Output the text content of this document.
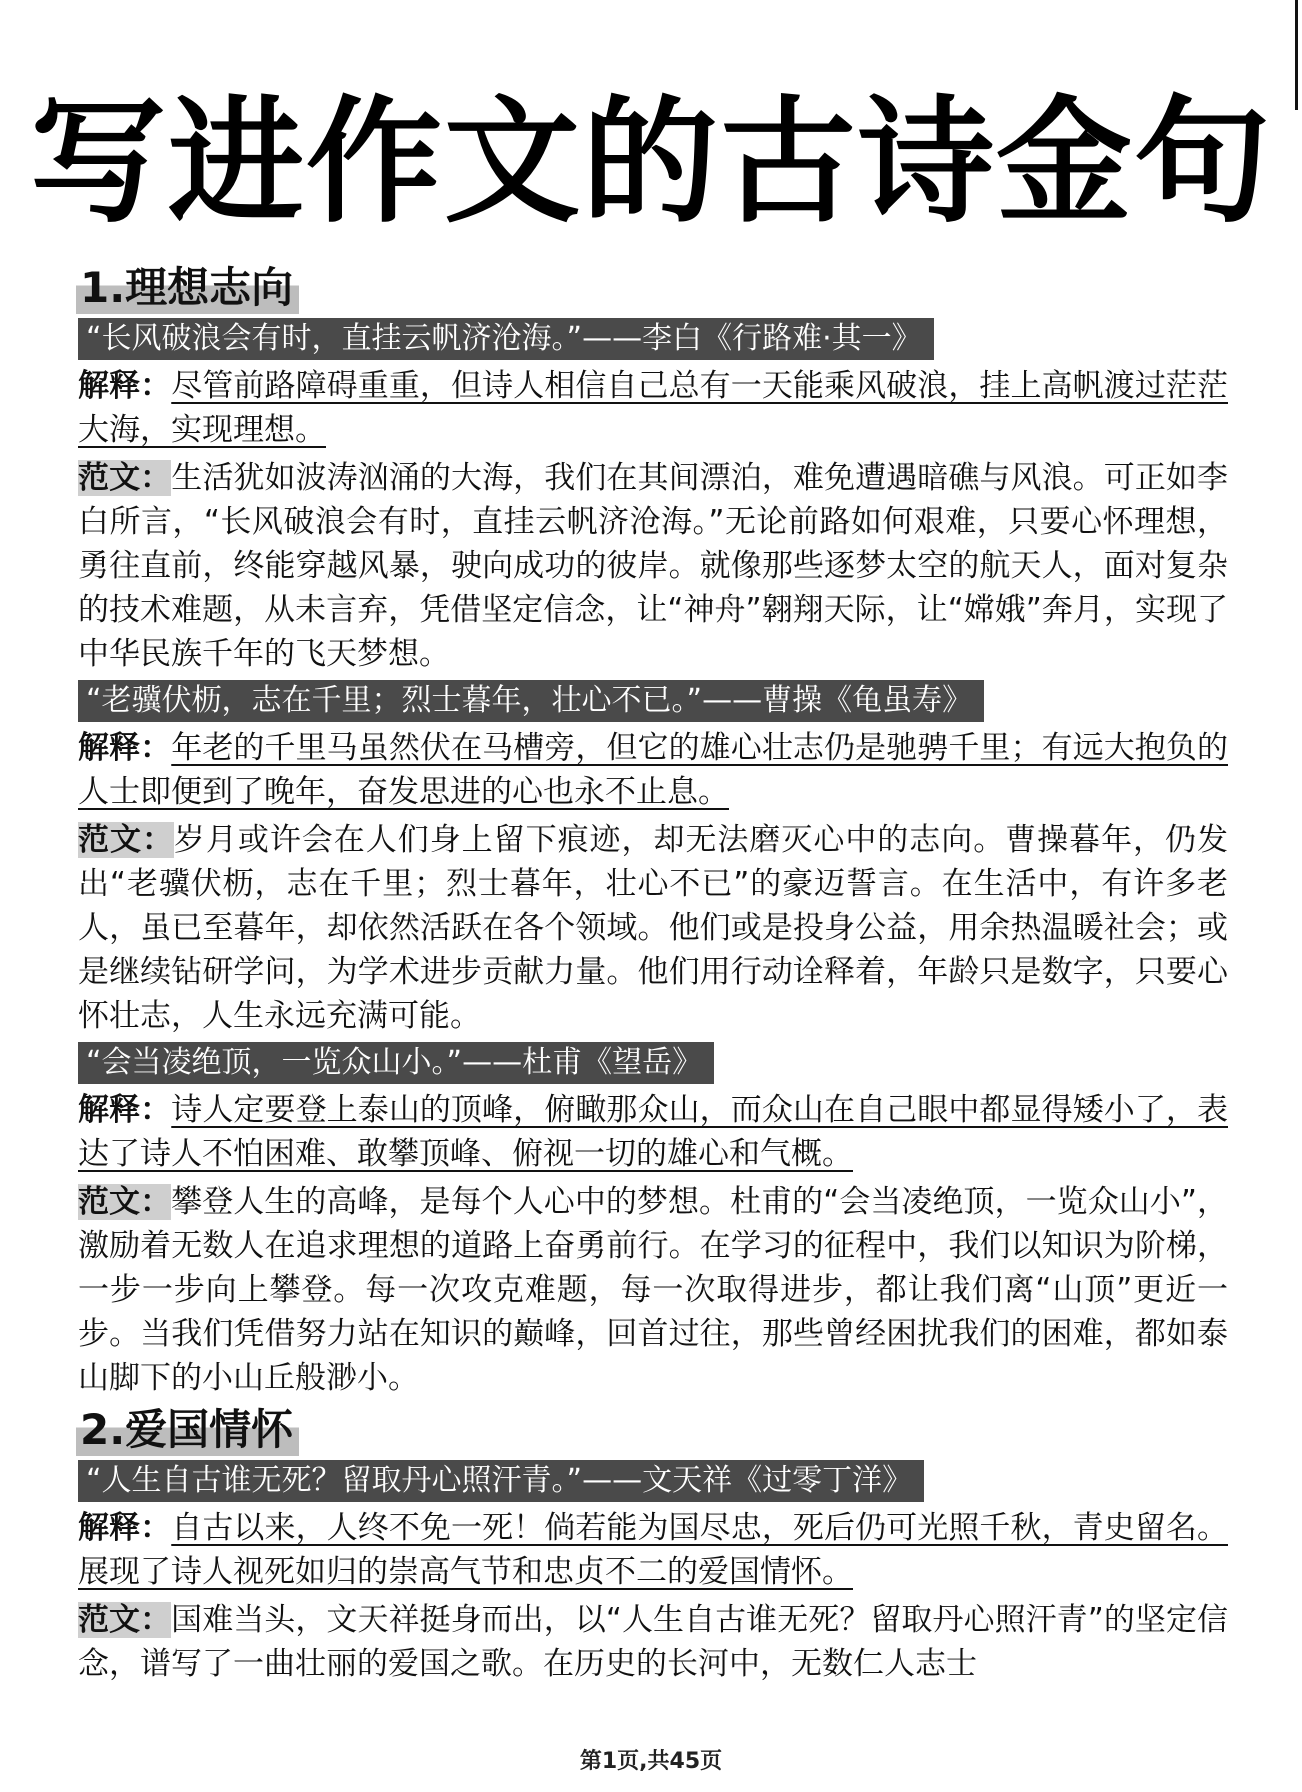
写进作文的古诗金句
1.理想志向
“长风破浪会有时，直挂云帆济沧海。”——李白《行路难·其一》
解释：尽管前路障碍重重，但诗人相信自己总有一天能乘风破浪，挂上高帆渡过茫茫大海，实现理想。
范文：生活犹如波涛汹涌的大海，我们在其间漂泊，难免遭遇暗礁与风浪。可正如李白所言，“长风破浪会有时，直挂云帆济沧海。”无论前路如何艰难，只要心怀理想，勇往直前，终能穿越风暴，驶向成功的彼岸。就像那些逐梦太空的航天人，面对复杂的技术难题，从未言弃，凭借坚定信念，让“神舟”翱翔天际，让“嫦娥”奔月，实现了中华民族千年的飞天梦想。
“老骥伏枥，志在千里；烈士暮年，壮心不已。”——曹操《龟虽寿》
解释：年老的千里马虽然伏在马槽旁，但它的雄心壮志仍是驰骋千里；有远大抱负的人士即便到了晚年，奋发思进的心也永不止息。
范文：岁月或许会在人们身上留下痕迹，却无法磨灭心中的志向。曹操暮年，仍发出“老骥伏枥，志在千里；烈士暮年，壮心不已”的豪迈誓言。在生活中，有许多老人，虽已至暮年，却依然活跃在各个领域。他们或是投身公益，用余热温暖社会；或是继续钻研学问，为学术进步贡献力量。他们用行动诠释着，年龄只是数字，只要心怀壮志，人生永远充满可能。
“会当凌绝顶，一览众山小。”——杜甫《望岳》
解释：诗人定要登上泰山的顶峰，俯瞰那众山，而众山在自己眼中都显得矮小了，表达了诗人不怕困难、敢攀顶峰、俯视一切的雄心和气概。
范文：攀登人生的高峰，是每个人心中的梦想。杜甫的“会当凌绝顶，一览众山小”，激励着无数人在追求理想的道路上奋勇前行。在学习的征程中，我们以知识为阶梯，一步一步向上攀登。每一次攻克难题，每一次取得进步，都让我们离“山顶”更近一步。当我们凭借努力站在知识的巅峰，回首过往，那些曾经困扰我们的困难，都如泰山脚下的小山丘般渺小。
2.爱国情怀
“人生自古谁无死？留取丹心照汗青。”——文天祥《过零丁洋》
解释：自古以来，人终不免一死！倘若能为国尽忠，死后仍可光照千秋，青史留名。展现了诗人视死如归的崇高气节和忠贞不二的爱国情怀。
范文：国难当头，文天祥挺身而出，以“人生自古谁无死？留取丹心照汗青”的坚定信念，谱写了一曲壮丽的爱国之歌。在历史的长河中，无数仁人志士
第1页,共45页
